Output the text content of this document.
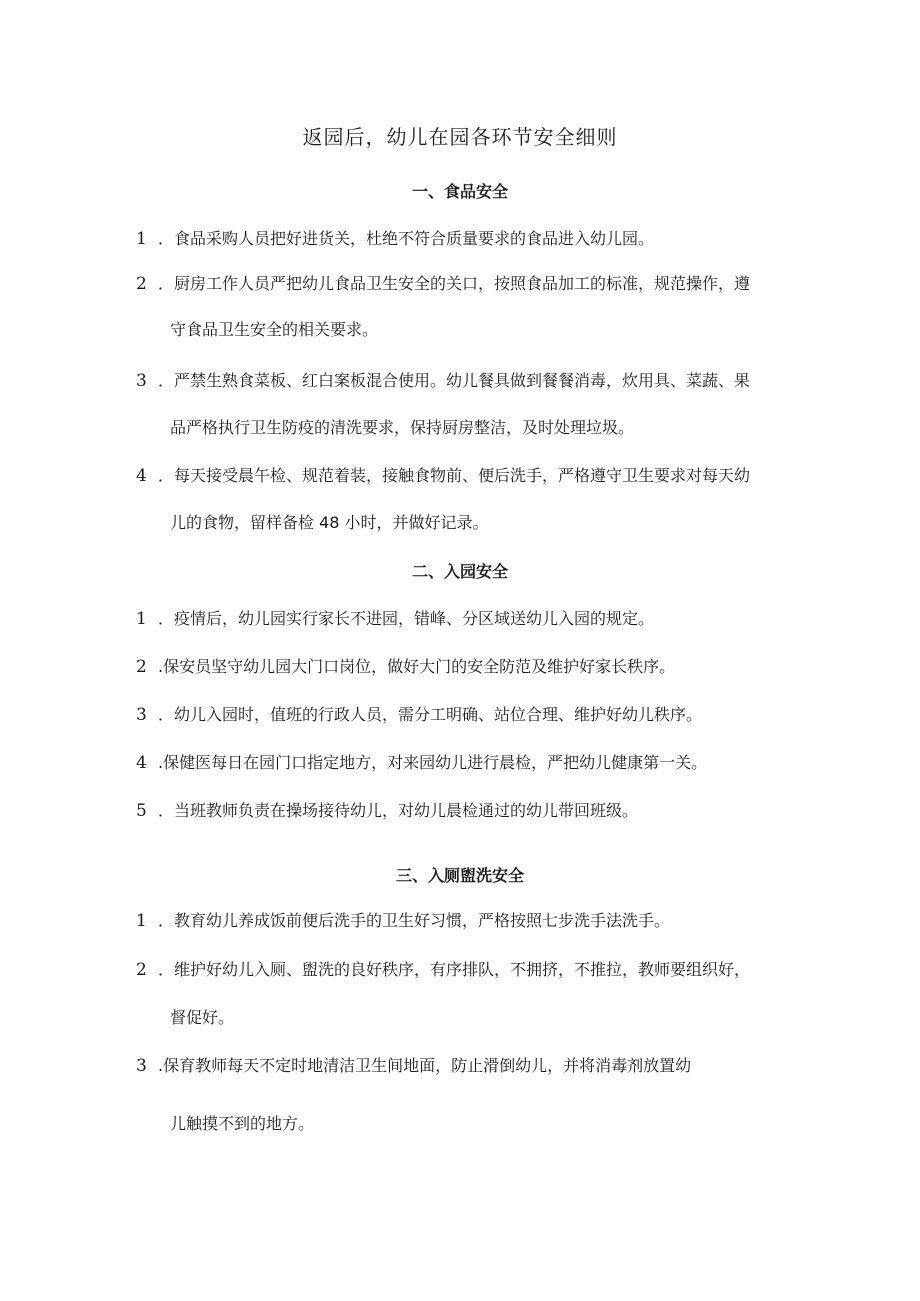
返园后，幼儿在园各环节安全细则
一、食品安全
1 ．食品采购人员把好进货关，杜绝不符合质量要求的食品进入幼儿园。
2 ．厨房工作人员严把幼儿食品卫生安全的关口，按照食品加工的标准，规范操作，遵
守食品卫生安全的相关要求。
3 ．严禁生熟食菜板、红白案板混合使用。幼儿餐具做到餐餐消毒，炊用具、菜蔬、果
品严格执行卫生防疫的清洗要求，保持厨房整洁，及时处理垃圾。
4 ．每天接受晨午检、规范着装，接触食物前、便后洗手，严格遵守卫生要求对每天幼
儿的食物，留样备检 48 小时，并做好记录。
二、入园安全
1 ．疫情后，幼儿园实行家长不进园，错峰、分区域送幼儿入园的规定。
2 .保安员坚守幼儿园大门口岗位，做好大门的安全防范及维护好家长秩序。
3 ．幼儿入园时，值班的行政人员，需分工明确、站位合理、维护好幼儿秩序。
4 .保健医每日在园门口指定地方，对来园幼儿进行晨检，严把幼儿健康第一关。
5 ．当班教师负责在操场接待幼儿，对幼儿晨检通过的幼儿带回班级。
三、入厕盥洗安全
1 ．教育幼儿养成饭前便后洗手的卫生好习惯，严格按照七步洗手法洗手。
2 ．维护好幼儿入厕、盥洗的良好秩序，有序排队，不拥挤，不推拉，教师要组织好，
督促好。
3 .保育教师每天不定时地清洁卫生间地面，防止滑倒幼儿，并将消毒剂放置幼
儿触摸不到的地方。
